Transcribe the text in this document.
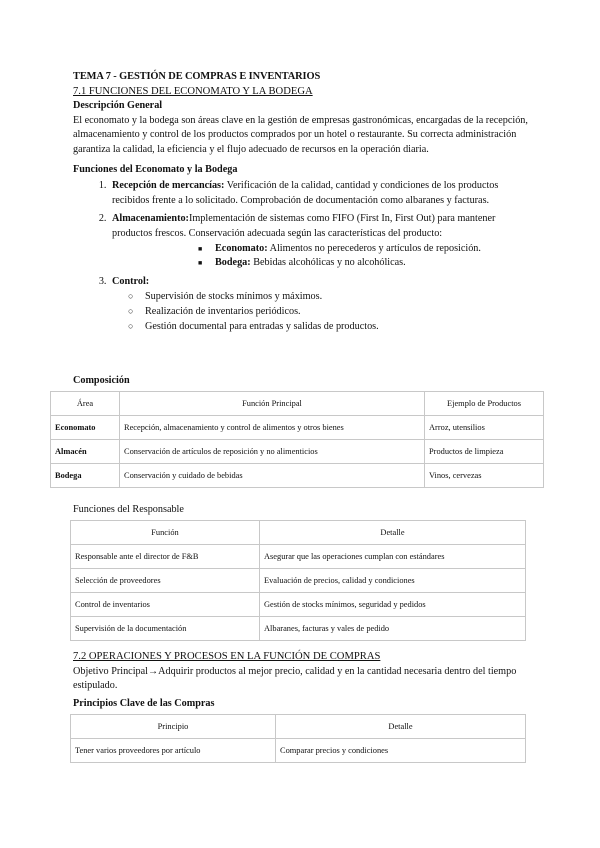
TEMA 7 - GESTIÓN DE COMPRAS E INVENTARIOS

7.1 FUNCIONES DEL ECONOMATO Y LA BODEGA

Descripción General

El economato y la bodega son áreas clave en la gestión de empresas gastronómicas, encargadas de la recepción, almacenamiento y control de los productos comprados por un hotel o restaurante. Su correcta administración garantiza la calidad, la eficiencia y el flujo adecuado de recursos en la operación diaria.

Funciones del Economato y la Bodega

1. Recepción de mercancías: Verificación de la calidad, cantidad y condiciones de los productos recibidos frente a lo solicitado. Comprobación de documentación como albaranes y facturas.
2. Almacenamiento:Implementación de sistemas como FIFO (First In, First Out) para mantener productos frescos. Conservación adecuada según las características del producto:
■ Economato: Alimentos no perecederos y artículos de reposición.
■ Bodega: Bebidas alcohólicas y no alcohólicas.
3. Control:
○ Supervisión de stocks mínimos y máximos.
○ Realización de inventarios periódicos.
○ Gestión documental para entradas y salidas de productos.
Composición
Área	Función Principal	Ejemplo de Productos
Economato	Recepción, almacenamiento y control de alimentos y otros bienes	Arroz, utensilios
Almacén	Conservación de artículos de reposición y no alimenticios	Productos de limpieza
Bodega	Conservación y cuidado de bebidas	Vinos, cervezas
Funciones del Responsable
Función	Detalle
Responsable ante el director de F&B	Asegurar que las operaciones cumplan con estándares
Selección de proveedores	Evaluación de precios, calidad y condiciones
Control de inventarios	Gestión de stocks mínimos, seguridad y pedidos
Supervisión de la documentación	Albaranes, facturas y vales de pedido

7.2 OPERACIONES Y PROCESOS EN LA FUNCIÓN DE COMPRAS

Objetivo Principal→Adquirir productos al mejor precio, calidad y en la cantidad necesaria dentro del tiempo estipulado.

Principios Clave de las Compras

Principio	Detalle
Tener varios proveedores por artículo	Comparar precios y condiciones
